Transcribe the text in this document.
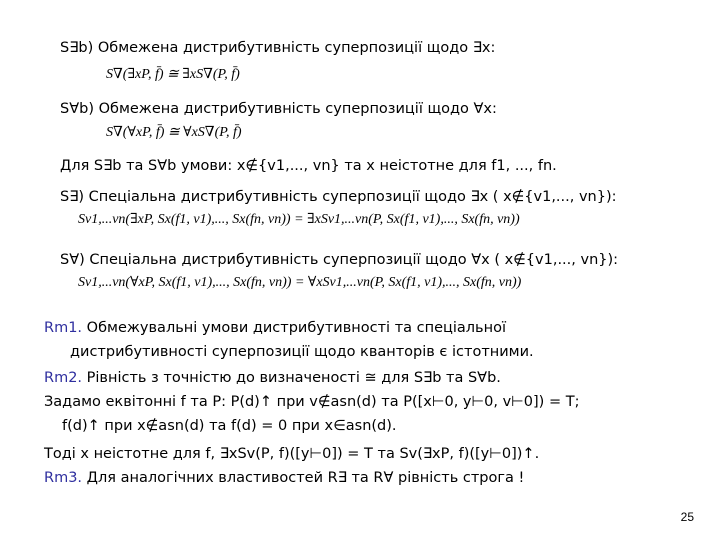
S∃b) Обмежена дистрибутивність суперпозиції щодо ∃x:
S∇(∃xP, f̄) ≅ ∃xS∇(P, f̄)
S∀b) Обмежена дистрибутивність суперпозиції щодо ∀x:
S∇(∀xP, f̄) ≅ ∀xS∇(P, f̄)
Для S∃b та S∀b умови: x∉{v1,..., vn} та x неістотне для f1, ..., fn.
S∃) Спеціальна дистрибутивність суперпозиції щодо ∃x ( x∉{v1,..., vn}):
Sv1,...vn(∃xP, Sx(f1, v1),..., Sx(fn, vn)) = ∃xSv1,...vn(P, Sx(f1, v1),..., Sx(fn, vn))
S∀) Спеціальна дистрибутивність суперпозиції щодо ∀x ( x∉{v1,..., vn}):
Sv1,...vn(∀xP, Sx(f1, v1),..., Sx(fn, vn)) = ∀xSv1,...vn(P, Sx(f1, v1),..., Sx(fn, vn))
Rm1. Обмежувальні умови дистрибутивності та спеціальної
дистрибутивності суперпозиції щодо кванторів є істотними.
Rm2. Рівність з точністю до визначеності ≅ для S∃b та S∀b.
Задамо еквітонні f та P: P(d)↑ при v∉asn(d) та P([x⊢0, y⊢0, v⊢0]) = T;
f(d)↑ при x∉asn(d) та f(d) = 0 при x∈asn(d).
Тоді x неістотне для f, ∃xSv(P, f)([y⊢0]) = T та Sv(∃xP, f)([y⊢0])↑.
Rm3. Для аналогічних властивостей R∃ та R∀ рівність строга !
25
